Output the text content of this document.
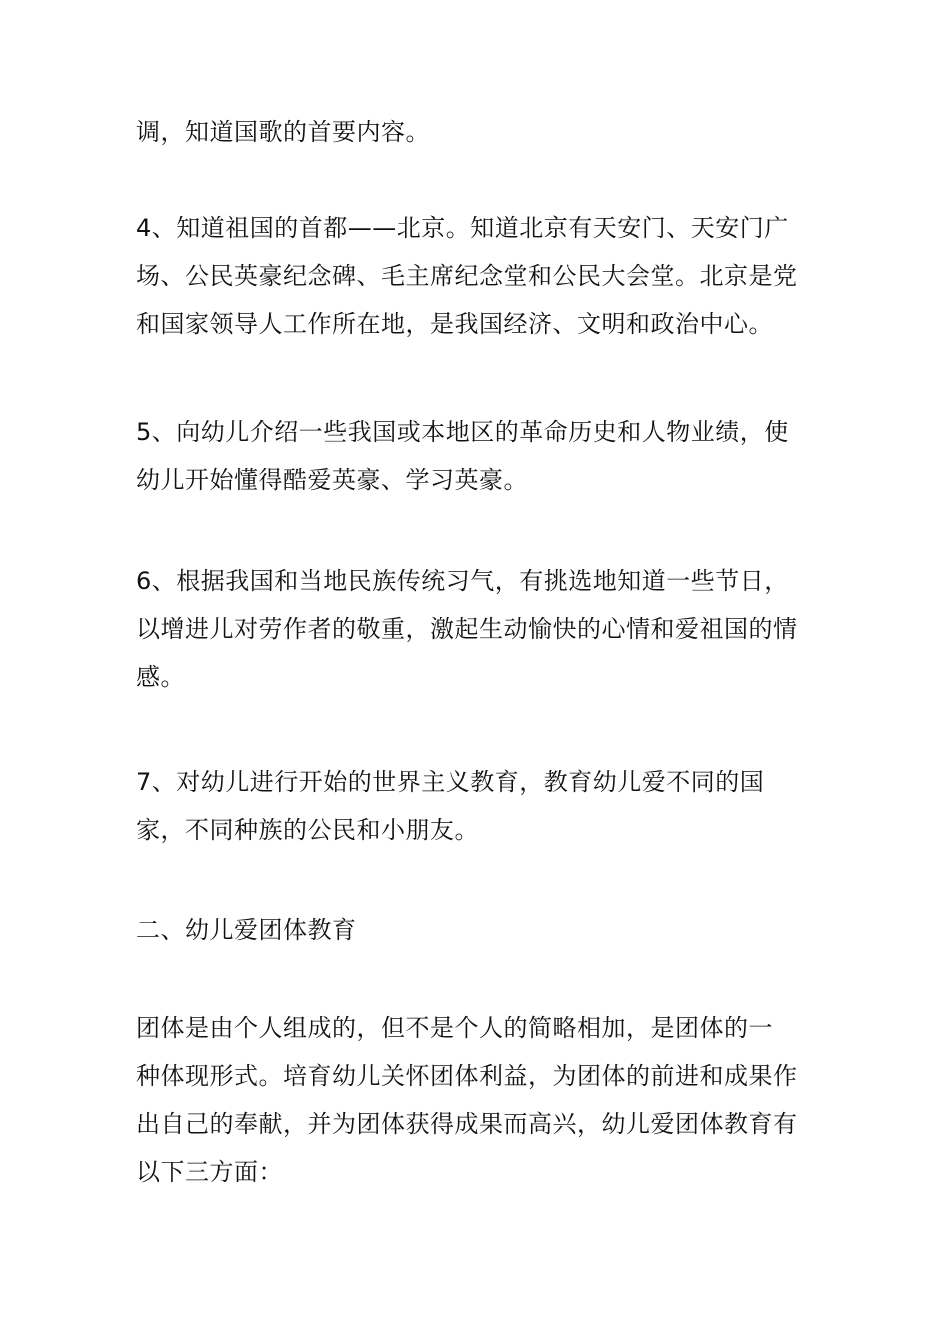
调，知道国歌的首要内容。

4、知道祖国的首都——北京。知道北京有天安门、天安门广
场、公民英豪纪念碑、毛主席纪念堂和公民大会堂。北京是党
和国家领导人工作所在地，是我国经济、文明和政治中心。

5、向幼儿介绍一些我国或本地区的革命历史和人物业绩，使
幼儿开始懂得酷爱英豪、学习英豪。

6、根据我国和当地民族传统习气，有挑选地知道一些节日，
以增进儿对劳作者的敬重，激起生动愉快的心情和爱祖国的情
感。

7、对幼儿进行开始的世界主义教育，教育幼儿爱不同的国
家，不同种族的公民和小朋友。

二、幼儿爱团体教育

团体是由个人组成的，但不是个人的简略相加，是团体的一
种体现形式。培育幼儿关怀团体利益，为团体的前进和成果作
出自己的奉献，并为团体获得成果而高兴，幼儿爱团体教育有
以下三方面：
